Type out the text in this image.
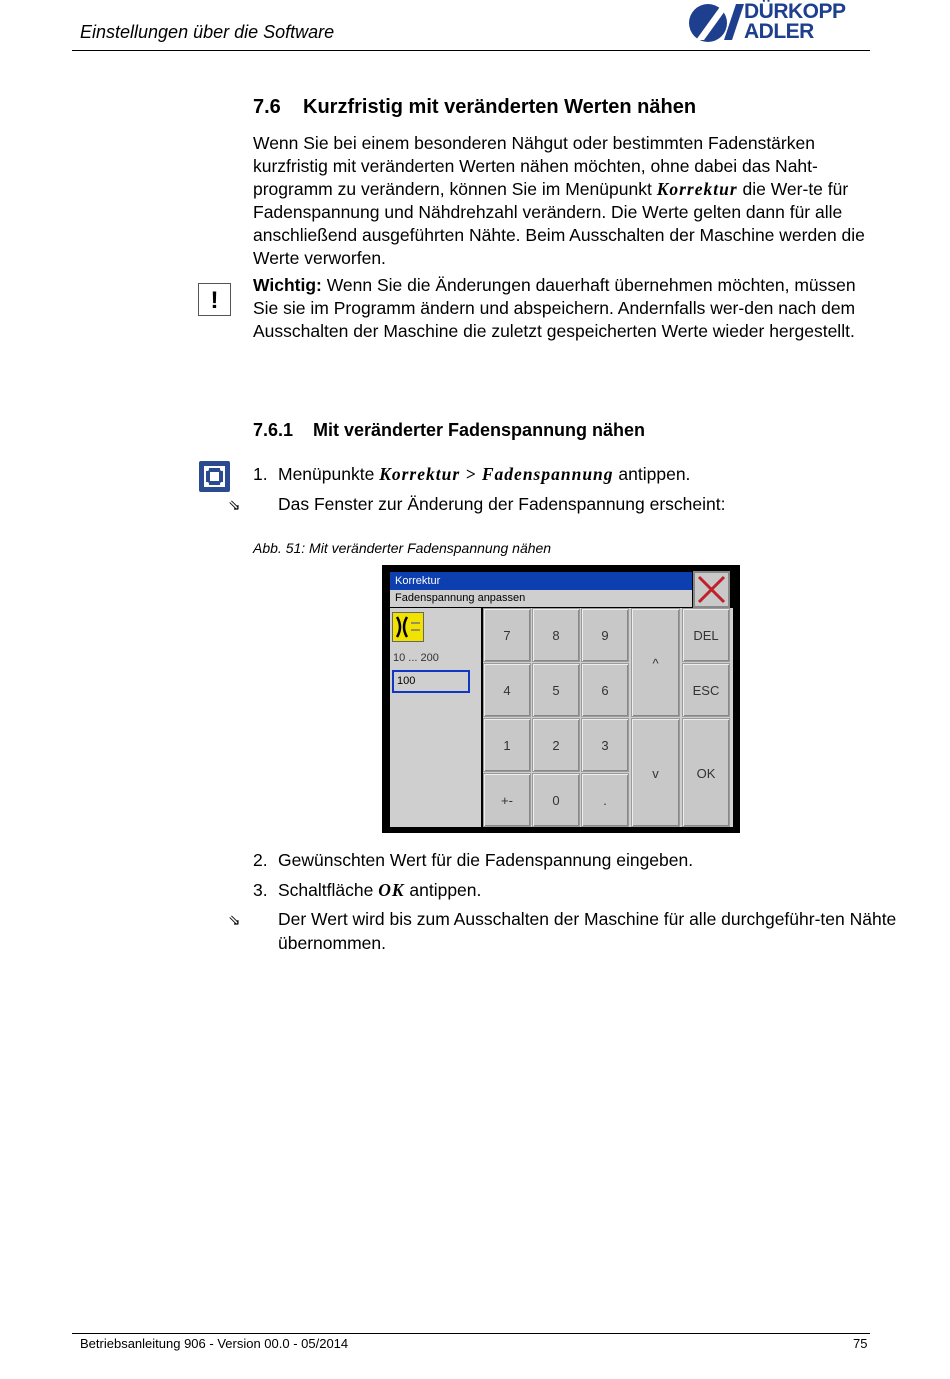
Einstellungen über die Software
DÜRKOPP
ADLER
7.6 Kurzfristig mit veränderten Werten nähen
Wenn Sie bei einem besonderen Nähgut oder bestimmten Fadenstärken kurzfristig mit veränderten Werten nähen möchten, ohne dabei das Naht-programm zu verändern, können Sie im Menüpunkt Korrektur die Wer-te für Fadenspannung und Nähdrehzahl verändern. Die Werte gelten dann für alle anschließend ausgeführten Nähte. Beim Ausschalten der Maschine werden die Werte verworfen.
!
Wichtig: Wenn Sie die Änderungen dauerhaft übernehmen möchten, müssen Sie sie im Programm ändern und abspeichern. Andernfalls wer-den nach dem Ausschalten der Maschine die zuletzt gespeicherten Werte wieder hergestellt.
7.6.1 Mit veränderter Fadenspannung nähen
1. Menüpunkte Korrektur > Fadenspannung antippen.
⇘ Das Fenster zur Änderung der Fadenspannung erscheint:
Abb. 51: Mit veränderter Fadenspannung nähen
Korrektur
Fadenspannung anpassen
10 ... 200
100
7	8	9
4	5	6
1	2	3
+-	0	.
^
v
DEL
ESC
OK
2. Gewünschten Wert für die Fadenspannung eingeben.
3. Schaltfläche OK antippen.
⇘ Der Wert wird bis zum Ausschalten der Maschine für alle durchgeführ-ten Nähte übernommen.
Betriebsanleitung 906 - Version 00.0 - 05/2014	75
